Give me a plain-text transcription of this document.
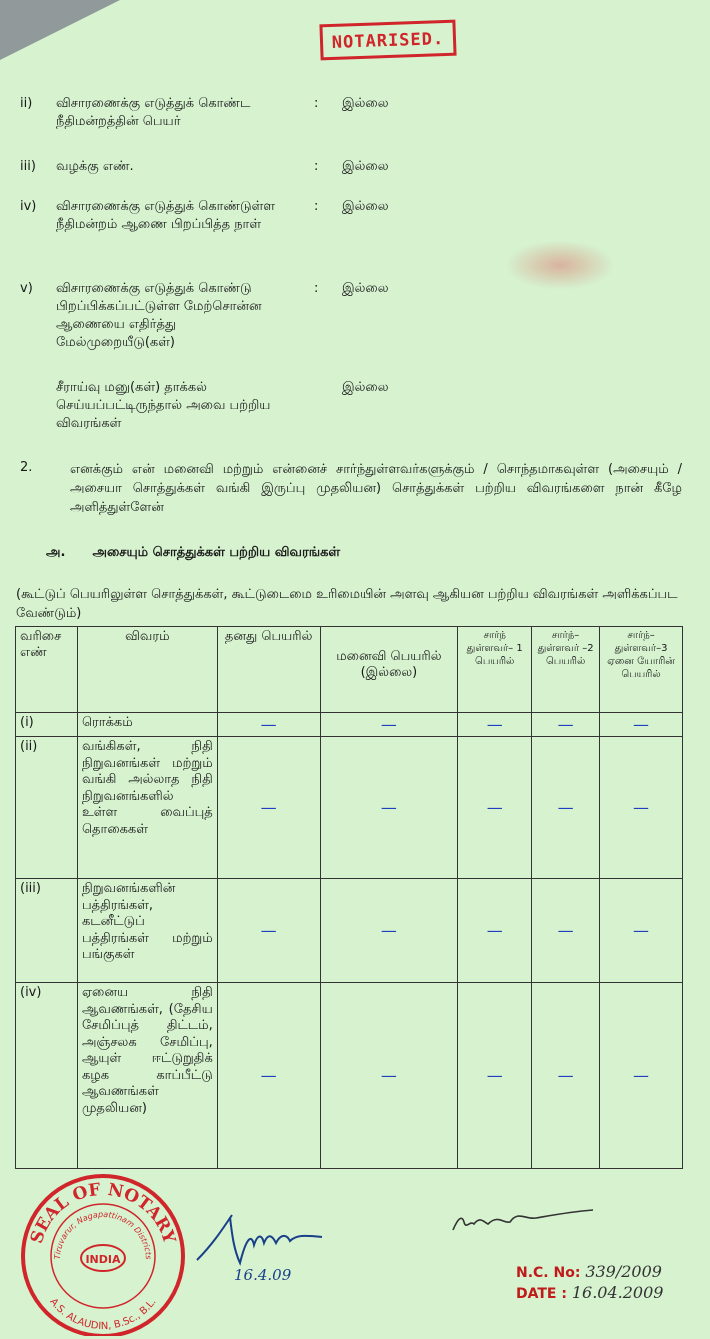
NOTARISED.
ii) விசாரணைக்கு எடுத்துக் கொண்ட நீதிமன்றத்தின் பெயர்
: இல்லை
iii) வழக்கு எண்.	: இல்லை
iv) விசாரணைக்கு எடுத்துக் கொண்டுள்ள நீதிமன்றம் ஆணை பிறப்பித்த நாள்
: இல்லை
v) விசாரணைக்கு எடுத்துக் கொண்டு பிறப்பிக்கப்பட்டுள்ள மேற்சொன்ன ஆணையை எதிர்த்து மேல்முறையீடு(கள்)
: இல்லை
சீராய்வு மனு(கள்) தாக்கல் செய்யப்பட்டிருந்தால் அவை பற்றிய விவரங்கள்
இல்லை
2.	எனக்கும் என் மனைவி மற்றும் என்னைச் சார்ந்துள்ளவர்களுக்கும் / சொந்தமாகவுள்ள (அசையும் / அசையா சொத்துக்கள் வங்கி இருப்பு முதலியன) சொத்துக்கள் பற்றிய விவரங்களை நான் கீழே அளித்துள்ளேன்
அ. அசையும் சொத்துக்கள் பற்றிய விவரங்கள்
(கூட்டுப் பெயரிலுள்ள சொத்துக்கள், கூட்டுடைமை உரிமையின் அளவு ஆகியன பற்றிய விவரங்கள் அளிக்கப்பட வேண்டும்)
வரிசை எண்	விவரம்	தனது பெயரில்	மனைவி பெயரில் (இல்லை)	சார்ந் துள்ளவர்– 1 பெயரில்	சார்ந்– துள்ளவர் –2 பெயரில்	சார்ந்– துள்ளவர்–3 ஏனை யோரின் பெயரில்
(i)	ரொக்கம்	—	—	—	—	—
(ii)	வங்கிகள், நிதி நிறுவனங்கள் மற்றும் வங்கி அல்லாத நிதி நிறுவனங்களில் உள்ள வைப்புத் தொகைகள்	—	—	—	—	—
(iii)	நிறுவனங்களின் பத்திரங்கள், கடனீட்டுப் பத்திரங்கள் மற்றும் பங்குகள்	—	—	—	—	—
(iv)	ஏனைய நிதி ஆவணங்கள், (தேசிய சேமிப்புத் திட்டம், அஞ்சலக சேமிப்பு, ஆயுள் ஈட்டுறுதிக் கழக காப்பீட்டு ஆவணங்கள் முதலியன)	—	—	—	—	—
SEAL OF NOTARY
Tiruvarur, Nagapattinam Districts
INDIA
A.S. ALAUDIN, B.Sc., B.L.
16.4.09	N.C. No: 339/2009
DATE : 16.04.2009
